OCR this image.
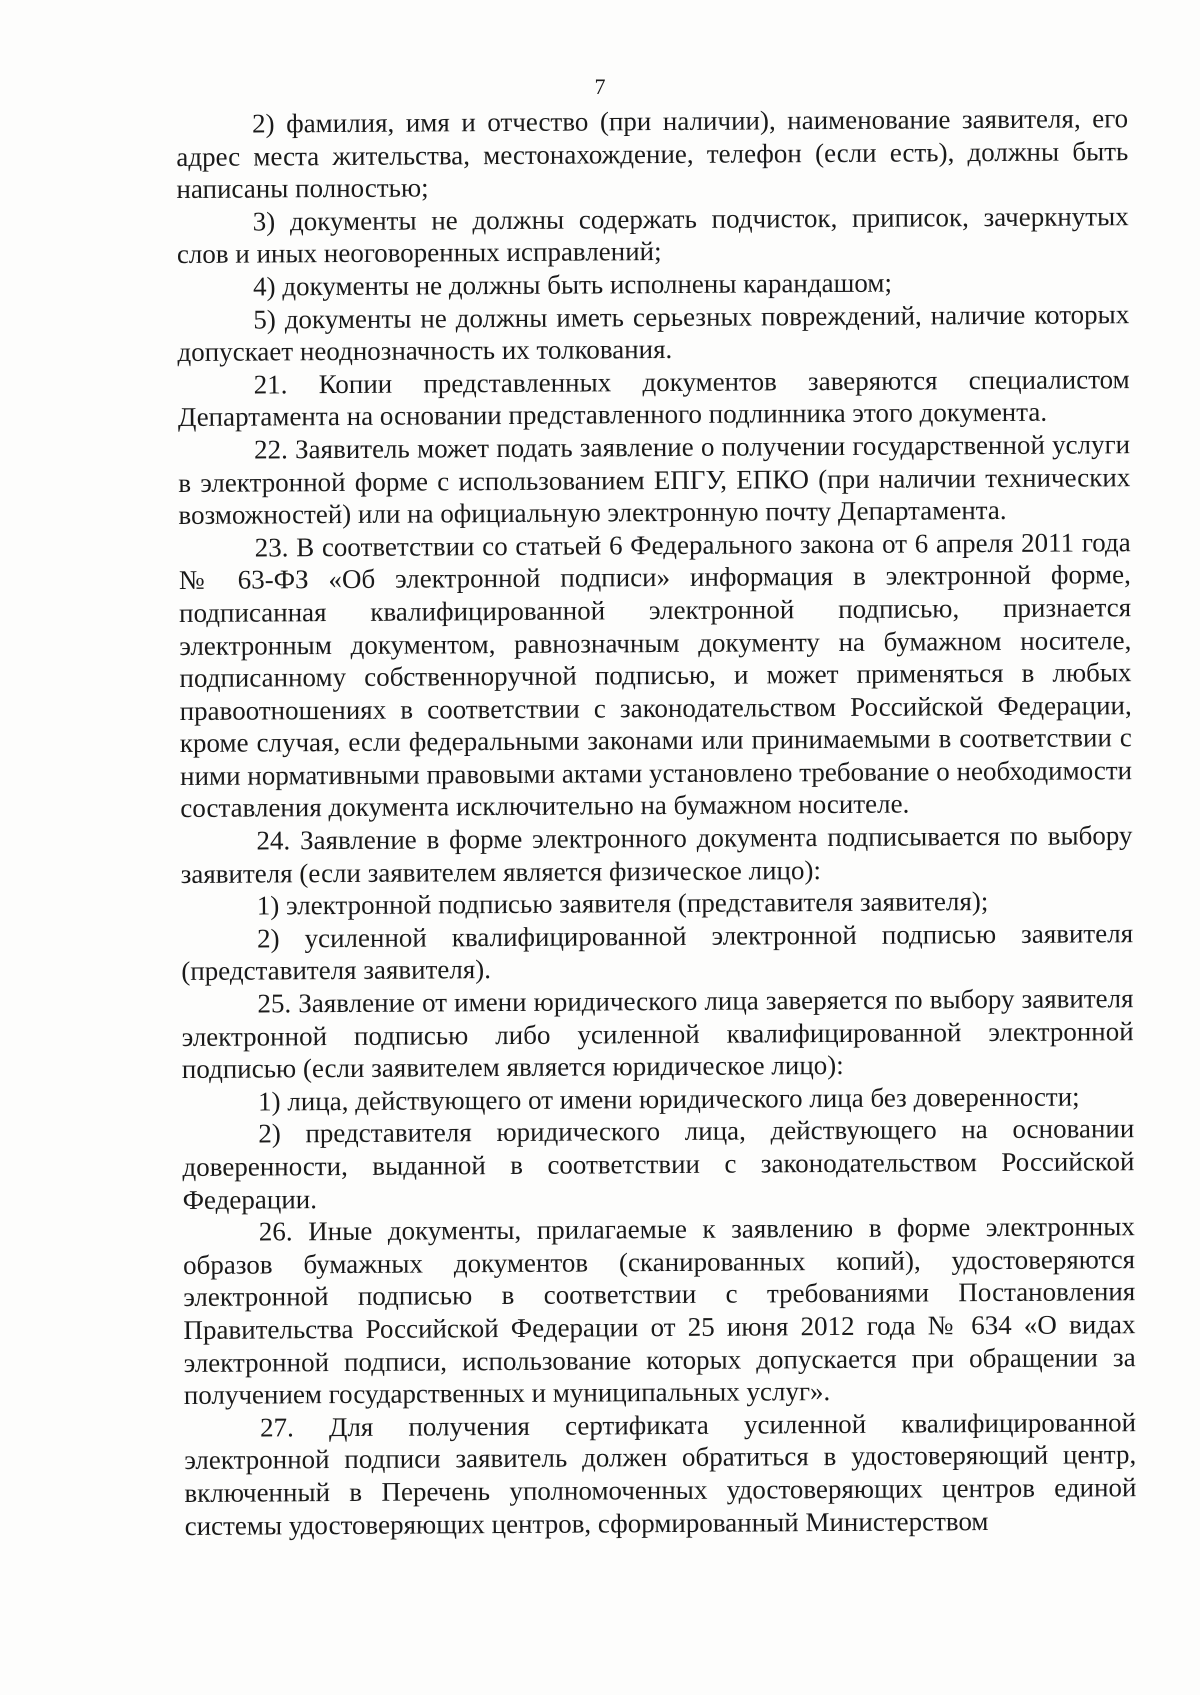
7

2) фамилия, имя и отчество (при наличии), наименование заявителя, его адрес места жительства, местонахождение, телефон (если есть), должны быть написаны полностью;

3) документы не должны содержать подчисток, приписок, зачеркнутых слов и иных неоговоренных исправлений;

4) документы не должны быть исполнены карандашом;

5) документы не должны иметь серьезных повреждений, наличие которых допускает неоднозначность их толкования.

21. Копии представленных документов заверяются специалистом Департамента на основании представленного подлинника этого документа.

22. Заявитель может подать заявление о получении государственной услуги в электронной форме с использованием ЕПГУ, ЕПКО (при наличии технических возможностей) или на официальную электронную почту Департамента.

23. В соответствии со статьей 6 Федерального закона от 6 апреля 2011 года № 63-ФЗ «Об электронной подписи» информация в электронной форме, подписанная квалифицированной электронной подписью, признается электронным документом, равнозначным документу на бумажном носителе, подписанному собственноручной подписью, и может применяться в любых правоотношениях в соответствии с законодательством Российской Федерации, кроме случая, если федеральными законами или принимаемыми в соответствии с ними нормативными правовыми актами установлено требование о необходимости составления документа исключительно на бумажном носителе.

24. Заявление в форме электронного документа подписывается по выбору заявителя (если заявителем является физическое лицо):

1) электронной подписью заявителя (представителя заявителя);

2) усиленной квалифицированной электронной подписью заявителя (представителя заявителя).

25. Заявление от имени юридического лица заверяется по выбору заявителя электронной подписью либо усиленной квалифицированной электронной подписью (если заявителем является юридическое лицо):

1) лица, действующего от имени юридического лица без доверенности;

2) представителя юридического лица, действующего на основании доверенности, выданной в соответствии с законодательством Российской Федерации.

26. Иные документы, прилагаемые к заявлению в форме электронных образов бумажных документов (сканированных копий), удостоверяются электронной подписью в соответствии с требованиями Постановления Правительства Российской Федерации от 25 июня 2012 года № 634 «О видах электронной подписи, использование которых допускается при обращении за получением государственных и муниципальных услуг».

27. Для получения сертификата усиленной квалифицированной электронной подписи заявитель должен обратиться в удостоверяющий центр, включенный в Перечень уполномоченных удостоверяющих центров единой системы удостоверяющих центров, сформированный Министерством
